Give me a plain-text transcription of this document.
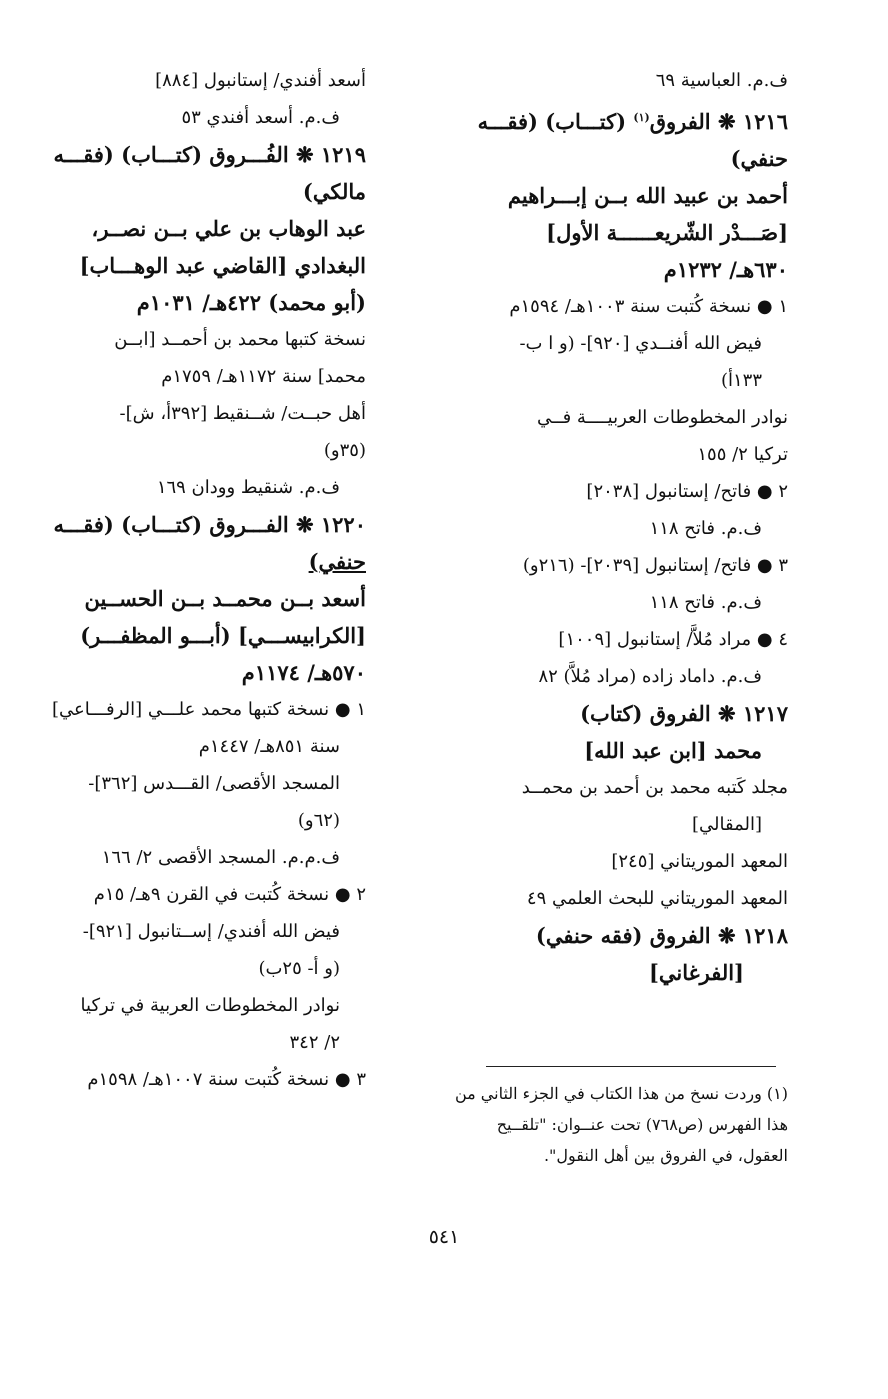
ف.م. العباسية ٦٩
١٢١٦ ❋ الفروق$^{(١)}$ (كتـــاب) (فقـــه
حنفي)
أحمد بن عبيد الله بــن إبـــراهيم
[صَـــدْر الشّريعــــــة الأول]
٦٣٠هـ/ ١٢٣٢م
١ ● نسخة كُتبت سنة ١٠٠٣هـ/ ١٥٩٤م
فيض الله أفنــدي [٩٢٠]- (و ا ب-
١٣٣أ)
نوادر المخطوطات العربيــــة فــي
تركيا ٢/ ١٥٥
٢ ● فاتح/ إستانبول [٢٠٣٨]
ف.م. فاتح ١١٨
٣ ● فاتح/ إستانبول [٢٠٣٩]- (٢١٦و)
ف.م. فاتح ١١٨
٤ ● مراد مُلاَّ/ إستانبول [١٠٠٩]
ف.م. داماد زاده (مراد مُلاَّ) ٨٢
١٢١٧ ❋ الفروق (كتاب)
محمد [ابن عبد الله]
مجلد كَتبه محمد بن أحمد بن محمــد
[المقالي]
المعهد الموريتاني [٢٤٥]
المعهد الموريتاني للبحث العلمي ٤٩
١٢١٨ ❋ الفروق (فقه حنفي)
[الفرغاني]
أسعد أفندي/ إستانبول [٨٨٤]
ف.م. أسعد أفندي ٥٣
١٢١٩ ❋ الفُـــروق (كتـــاب) (فقـــه
مالكي)
عبد الوهاب بن علي بــن نصــر،
البغدادي [القاضي عبد الوهـــاب]
(أبو محمد) ٤٢٢هـ/ ١٠٣١م
نسخة كتبها محمد بن أحمــد [ابــن
محمد] سنة ١١٧٢هـ/ ١٧٥٩م
أهل حبــت/ شــنقيط [٣٩٢أ، ش]-
(٣٥و)
ف.م. شنقيط وودان ١٦٩
١٢٢٠ ❋ الفـــروق (كتـــاب) (فقـــه
حنفي)
أسعد بــن محمــد بــن الحســين
[الكرابيســـي] (أبـــو المظفـــر)
٥٧٠هـ/ ١١٧٤م
١ ● نسخة كتبها محمد علـــي [الرفـــاعي]
سنة ٨٥١هـ/ ١٤٤٧م
المسجد الأقصى/ القـــدس [٣٦٢]-
(٦٢و)
ف.م.م. المسجد الأقصى ٢/ ١٦٦
٢ ● نسخة كُتبت في القرن ٩هـ/ ١٥م
فيض الله أفندي/ إســتانبول [٩٢١]-
(و أ- ٢٥ب)
نوادر المخطوطات العربية في تركيا
٢/ ٣٤٢
٣ ● نسخة كُتبت سنة ١٠٠٧هـ/ ١٥٩٨م
(١) وردت نسخ من هذا الكتاب في الجزء الثاني من
هذا الفهرس (ص٧٦٨) تحت عنــوان: "تلقــيح
العقول، في الفروق بين أهل النقول".
٥٤١
